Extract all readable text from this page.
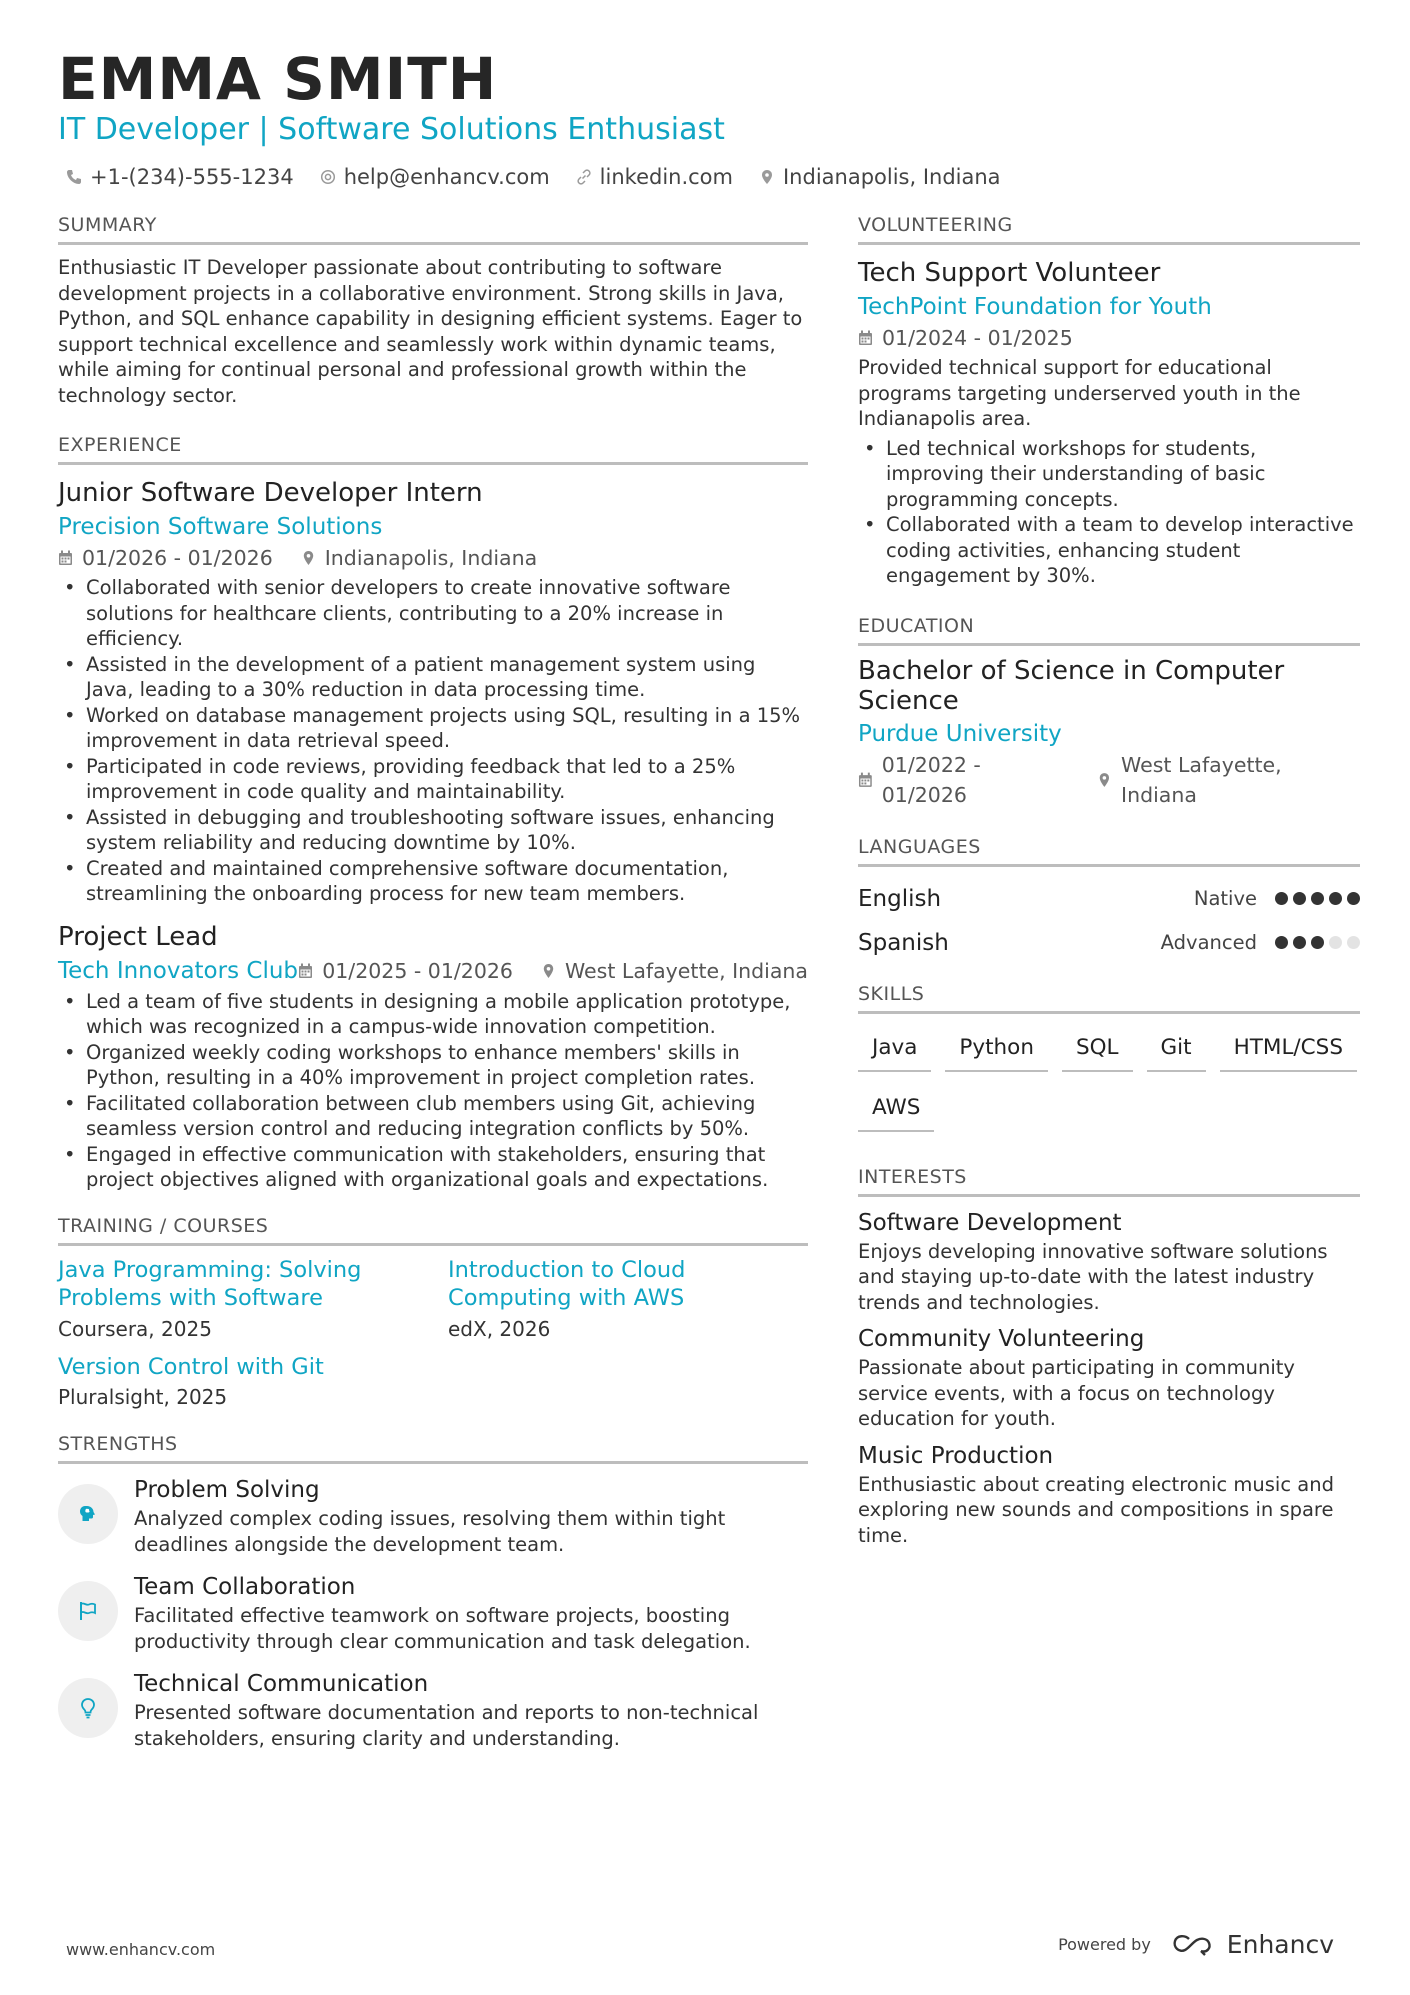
EMMA SMITH
IT Developer | Software Solutions Enthusiast
+1-(234)-555-1234 help@enhancv.com linkedin.com Indianapolis, Indiana
SUMMARY
Enthusiastic IT Developer passionate about contributing to software development projects in a collaborative environment. Strong skills in Java, Python, and SQL enhance capability in designing efficient systems. Eager to support technical excellence and seamlessly work within dynamic teams, while aiming for continual personal and professional growth within the technology sector.
EXPERIENCE
Junior Software Developer Intern
Precision Software Solutions
01/2026 - 01/2026	Indianapolis, Indiana
• Collaborated with senior developers to create innovative software solutions for healthcare clients, contributing to a 20% increase in efficiency.
• Assisted in the development of a patient management system using Java, leading to a 30% reduction in data processing time.
• Worked on database management projects using SQL, resulting in a 15% improvement in data retrieval speed.
• Participated in code reviews, providing feedback that led to a 25% improvement in code quality and maintainability.
• Assisted in debugging and troubleshooting software issues, enhancing system reliability and reducing downtime by 10%.
• Created and maintained comprehensive software documentation, streamlining the onboarding process for new team members.
Project Lead
Tech Innovators Club 01/2025 - 01/2026	West Lafayette, Indiana
• Led a team of five students in designing a mobile application prototype, which was recognized in a campus-wide innovation competition.
• Organized weekly coding workshops to enhance members' skills in Python, resulting in a 40% improvement in project completion rates.
• Facilitated collaboration between club members using Git, achieving seamless version control and reducing integration conflicts by 50%.
• Engaged in effective communication with stakeholders, ensuring that project objectives aligned with organizational goals and expectations.
TRAINING / COURSES
Java Programming: Solving Problems with Software
Coursera, 2025
Introduction to Cloud Computing with AWS
edX, 2026
Version Control with Git
Pluralsight, 2025
STRENGTHS
Problem Solving
Analyzed complex coding issues, resolving them within tight deadlines alongside the development team.
Team Collaboration
Facilitated effective teamwork on software projects, boosting productivity through clear communication and task delegation.
Technical Communication
Presented software documentation and reports to non-technical stakeholders, ensuring clarity and understanding.
VOLUNTEERING
Tech Support Volunteer
TechPoint Foundation for Youth
01/2024 - 01/2025
Provided technical support for educational programs targeting underserved youth in the Indianapolis area.
• Led technical workshops for students, improving their understanding of basic programming concepts.
• Collaborated with a team to develop interactive coding activities, enhancing student engagement by 30%.
EDUCATION
Bachelor of Science in Computer Science
Purdue University
01/2022 - 01/2026
West Lafayette, Indiana
LANGUAGES
English	Native
Spanish	Advanced
SKILLS
Java	Python	SQL	Git	HTML/CSS
AWS
INTERESTS
Software Development
Enjoys developing innovative software solutions and staying up-to-date with the latest industry trends and technologies.
Community Volunteering
Passionate about participating in community service events, with a focus on technology education for youth.
Music Production
Enthusiastic about creating electronic music and exploring new sounds and compositions in spare time.
www.enhancv.com	Powered by	Enhancv
